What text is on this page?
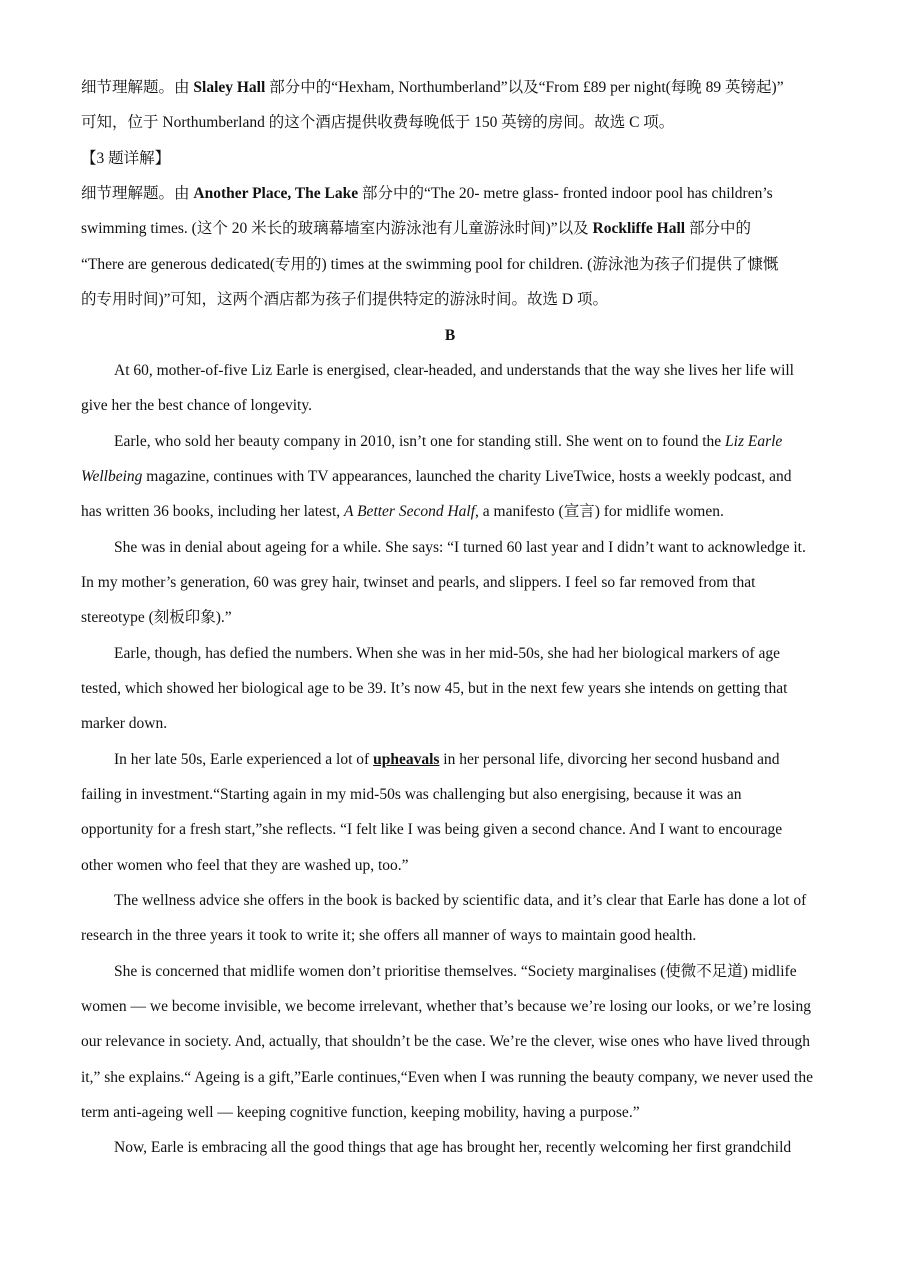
细节理解题。由 Slaley Hall 部分中的“Hexham, Northumberland”以及“From £89 per night(每晚 89 英镑起)”
可知，位于 Northumberland 的这个酒店提供收费每晚低于 150 英镑的房间。故选 C 项。
【3 题详解】
细节理解题。由 Another Place, The Lake 部分中的“The 20- metre glass- fronted indoor pool has children’s
swimming times. (这个 20 米长的玻璃幕墙室内游泳池有儿童游泳时间)”以及 Rockliffe Hall 部分中的
“There are generous dedicated(专用的) times at the swimming pool for children. (游泳池为孩子们提供了慷慨
的专用时间)”可知，这两个酒店都为孩子们提供特定的游泳时间。故选 D 项。
B
At 60, mother-of-five Liz Earle is energised, clear-headed, and understands that the way she lives her life will
give her the best chance of longevity.
Earle, who sold her beauty company in 2010, isn’t one for standing still. She went on to found the Liz Earle
Wellbeing magazine, continues with TV appearances, launched the charity LiveTwice, hosts a weekly podcast, and
has written 36 books, including her latest, A Better Second Half, a manifesto (宣言) for midlife women.
She was in denial about ageing for a while. She says: “I turned 60 last year and I didn’t want to acknowledge it.
In my mother’s generation, 60 was grey hair, twinset and pearls, and slippers. I feel so far removed from that
stereotype (刻板印象).”
Earle, though, has defied the numbers. When she was in her mid-50s, she had her biological markers of age
tested, which showed her biological age to be 39. It’s now 45, but in the next few years she intends on getting that
marker down.
In her late 50s, Earle experienced a lot of upheavals in her personal life, divorcing her second husband and
failing in investment.“Starting again in my mid-50s was challenging but also energising, because it was an
opportunity for a fresh start,”she reflects. “I felt like I was being given a second chance. And I want to encourage
other women who feel that they are washed up, too.”
The wellness advice she offers in the book is backed by scientific data, and it’s clear that Earle has done a lot of
research in the three years it took to write it; she offers all manner of ways to maintain good health.
She is concerned that midlife women don’t prioritise themselves. “Society marginalises (使微不足道) midlife
women — we become invisible, we become irrelevant, whether that’s because we’re losing our looks, or we’re losing
our relevance in society. And, actually, that shouldn’t be the case. We’re the clever, wise ones who have lived through
it,” she explains.“ Ageing is a gift,”Earle continues,“Even when I was running the beauty company, we never used the
term anti-ageing well — keeping cognitive function, keeping mobility, having a purpose.”
Now, Earle is embracing all the good things that age has brought her, recently welcoming her first grandchild
